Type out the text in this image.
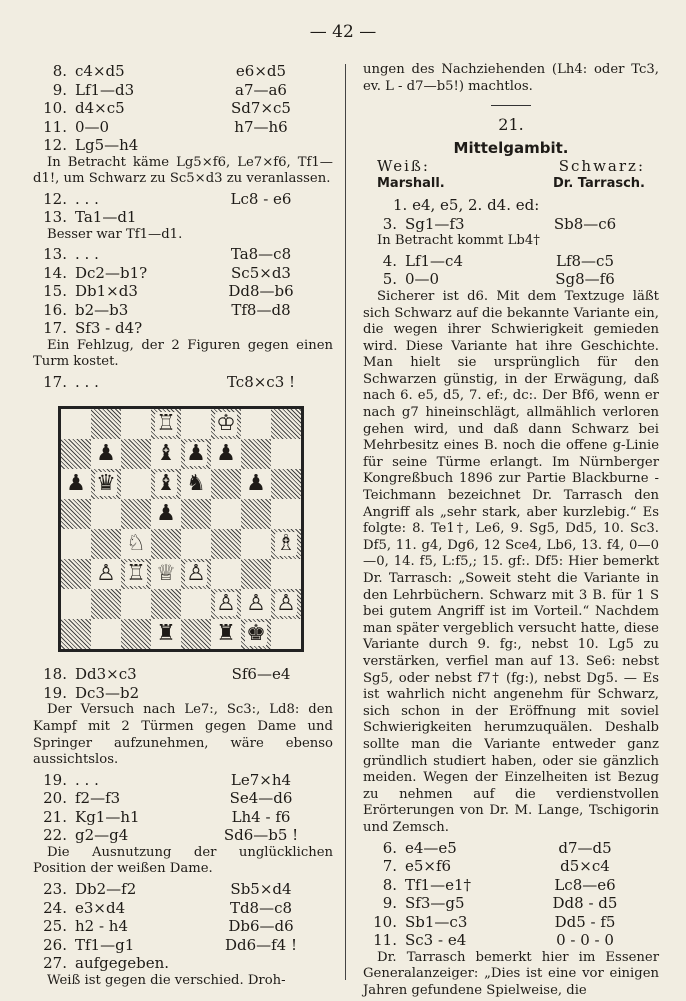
— 42 —
8. c4×d5	e6×d5
9. Lf1—d3	a7—a6
10. d4×c5	Sd7×c5
11. 0—0	h7—h6
12. Lg5—h4

In Betracht käme Lg5×f6, Le7×f6, Tf1—d1!, um Schwarz zu Sc5×d3 zu veranlassen.

12. . . .	Lc8 - e6
13. Ta1—d1

Besser war Tf1—d1.

13. . . .	Ta8—c8
14. Dc2—b1?	Sc5×d3
15. Db1×d3	Dd8—b6
16. b2—b3	Tf8—d8
17. Sf3 - d4?

Ein Fehlzug, der 2 Figuren gegen einen Turm kostet.

17. . . .	Tc8×c3 !
18. Dd3×c3	Sf6—e4
19. Dc3—b2

Der Versuch nach Le7:, Sc3:, Ld8: den Kampf mit 2 Türmen gegen Dame und Springer aufzunehmen, wäre ebenso aussichtslos.

19. . . .	Le7×h4
20. f2—f3	Se4—d6
21. Kg1—h1	Lh4 - f6
22. g2—g4	Sd6—b5 !

Die Ausnutzung der unglücklichen Position der weißen Dame.

23. Db2—f2	Sb5×d4
24. e3×d4	Td8—c8
25. h2 - h4	Db6—d6
26. Tf1—g1	Dd6—f4 !
27. aufgegeben.

Weiß ist gegen die verschied. Droh-

♖ ♔
♟ ♝ ♟ ♟
♟ ♛ ♝ ♞ ♟
♟
♘	♗
♙ ♖ ♕ ♙
♙ ♙ ♙
♜ ♜ ♚

ungen des Nachziehenden (Lh4: oder Tc3, ev. L - d7—b5!) machtlos.

21.
Mittelgambit.
Weiß:	Schwarz:
Marshall.	Dr. Tarrasch.
1. e4, e5, 2. d4. ed:
3. Sg1—f3	Sb8—c6

In Betracht kommt Lb4†

4. Lf1—c4	Lf8—c5
5. 0—0	Sg8—f6

Sicherer ist d6. Mit dem Textzuge läßt sich Schwarz auf die bekannte Variante ein, die wegen ihrer Schwierigkeit gemieden wird. Diese Variante hat ihre Geschichte. Man hielt sie ursprünglich für den Schwarzen günstig, in der Erwägung, daß nach 6. e5, d5, 7. ef:, dc:. Der Bf6, wenn er nach g7 hineinschlägt, allmählich verloren gehen wird, und daß dann Schwarz bei Mehrbesitz eines B. noch die offene g-Linie für seine Türme erlangt. Im Nürnberger Kongreßbuch 1896 zur Partie Blackburne - Teichmann bezeichnet Dr. Tarrasch den Angriff als „sehr stark, aber kurzlebig.“ Es folgte: 8. Te1†, Le6, 9. Sg5, Dd5, 10. Sc3. Df5, 11. g4, Dg6, 12 Sce4, Lb6, 13. f4, 0—0—0, 14. f5, L:f5,; 15. gf:. Df5: Hier bemerkt Dr. Tarrasch: „Soweit steht die Variante in den Lehrbüchern. Schwarz mit 3 B. für 1 S bei gutem Angriff ist im Vorteil.“ Nachdem man später vergeblich versucht hatte, diese Variante durch 9. fg:, nebst 10. Lg5 zu verstärken, verfiel man auf 13. Se6: nebst Sg5, oder nebst f7† (fg:), nebst Dg5. — Es ist wahrlich nicht angenehm für Schwarz, sich schon in der Eröffnung mit soviel Schwierigkeiten herumzuquälen. Deshalb sollte man die Variante entweder ganz gründlich studiert haben, oder sie gänzlich meiden. Wegen der Einzelheiten ist Bezug zu nehmen auf die verdienstvollen Erörterungen von Dr. M. Lange, Tschigorin und Zemsch.

6. e4—e5	d7—d5
7. e5×f6	d5×c4
8. Tf1—e1†	Lc8—e6
9. Sf3—g5	Dd8 - d5
10. Sb1—c3	Dd5 - f5
11. Sc3 - e4	0 - 0 - 0

Dr. Tarrasch bemerkt hier im Essener Generalanzeiger: „Dies ist eine vor einigen Jahren gefundene Spielweise, die
